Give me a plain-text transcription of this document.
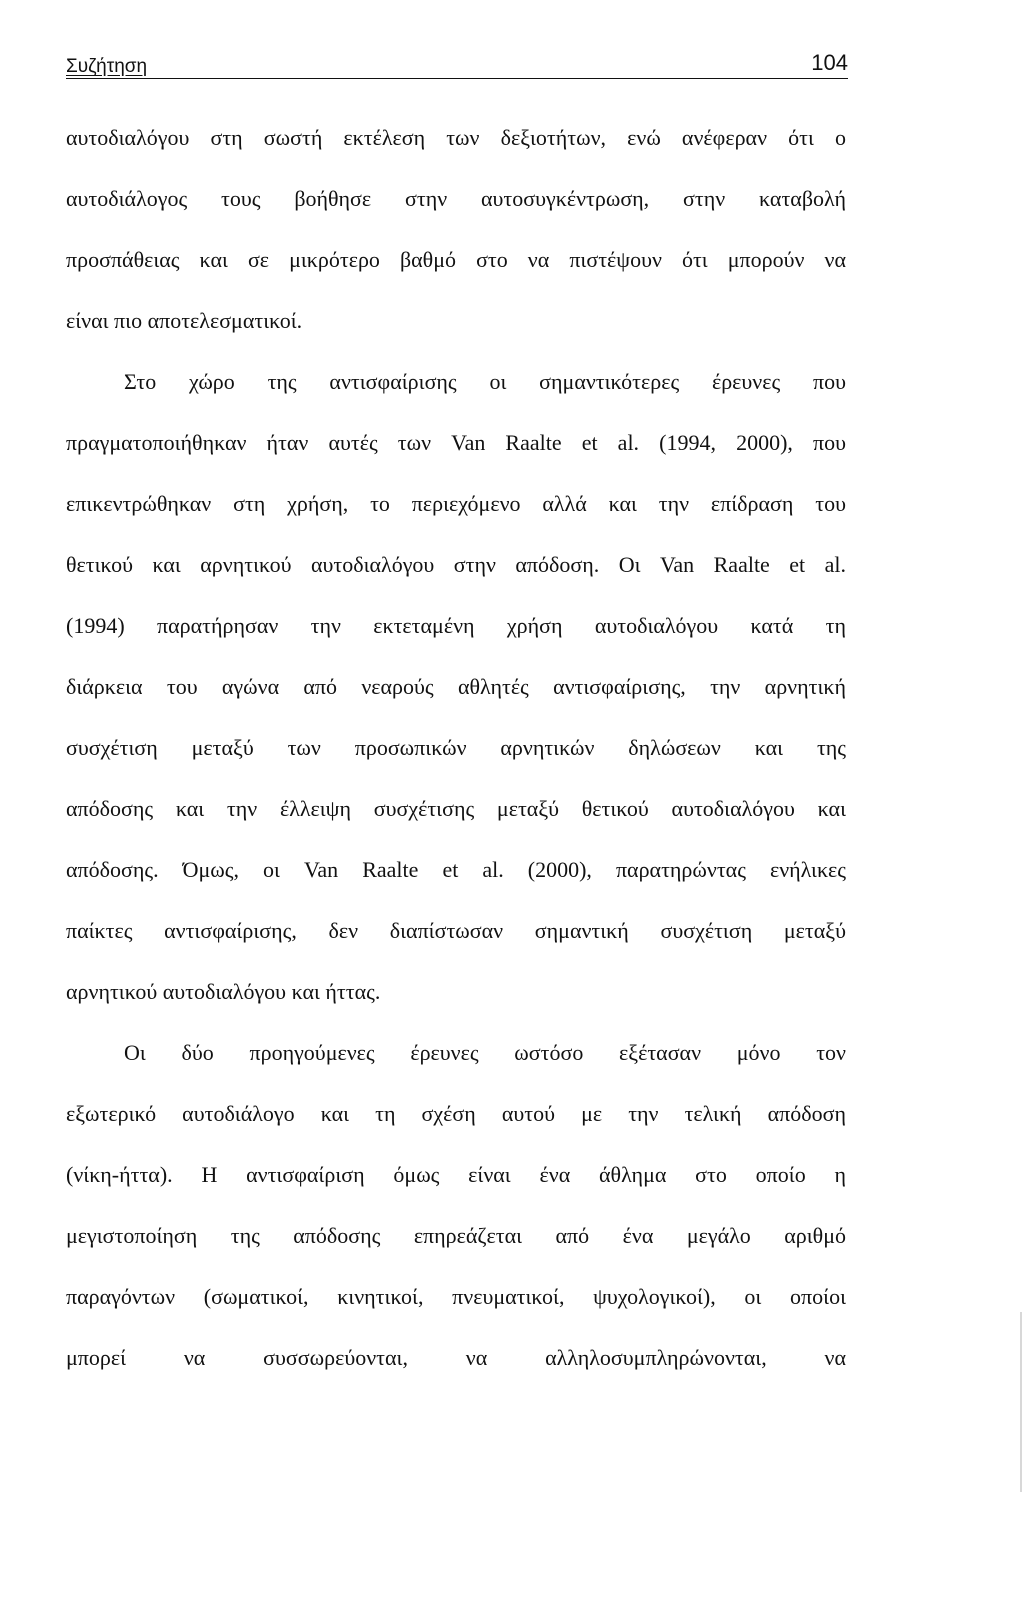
Συζήτηση	104
αυτοδιαλόγου στη σωστή εκτέλεση των δεξιοτήτων, ενώ ανέφεραν ότι ο
αυτοδιάλογος τους βοήθησε στην αυτοσυγκέντρωση, στην καταβολή
προσπάθειας και σε μικρότερο βαθμό στο να πιστέψουν ότι μπορούν να
είναι πιο αποτελεσματικοί.
Στο χώρο της αντισφαίρισης οι σημαντικότερες έρευνες που
πραγματοποιήθηκαν ήταν αυτές των Van Raalte et al. (1994, 2000), που
επικεντρώθηκαν στη χρήση, το περιεχόμενο αλλά και την επίδραση του
θετικού και αρνητικού αυτοδιαλόγου στην απόδοση. Οι Van Raalte et al.
(1994) παρατήρησαν την εκτεταμένη χρήση αυτοδιαλόγου κατά τη
διάρκεια του αγώνα από νεαρούς αθλητές αντισφαίρισης, την αρνητική
συσχέτιση μεταξύ των προσωπικών αρνητικών δηλώσεων και της
απόδοσης και την έλλειψη συσχέτισης μεταξύ θετικού αυτοδιαλόγου και
απόδοσης. Όμως, οι Van Raalte et al. (2000), παρατηρώντας ενήλικες
παίκτες αντισφαίρισης, δεν διαπίστωσαν σημαντική συσχέτιση μεταξύ
αρνητικού αυτοδιαλόγου και ήττας.
Οι δύο προηγούμενες έρευνες ωστόσο εξέτασαν μόνο τον
εξωτερικό αυτοδιάλογο και τη σχέση αυτού με την τελική απόδοση
(νίκη-ήττα). Η αντισφαίριση όμως είναι ένα άθλημα στο οποίο η
μεγιστοποίηση της απόδοσης επηρεάζεται από ένα μεγάλο αριθμό
παραγόντων (σωματικοί, κινητικοί, πνευματικοί, ψυχολογικοί), οι οποίοι
μπορεί να συσσωρεύονται, να αλληλοσυμπληρώνονται, να
